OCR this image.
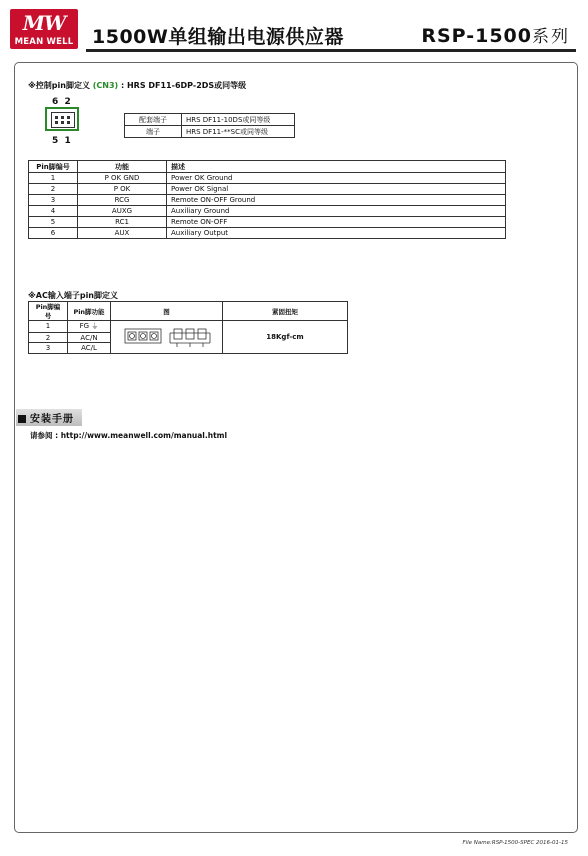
MW
MEAN WELL 1500W单组输出电源供应器	RSP-1500系列
※控制pin脚定义 (CN3) : HRS DF11-6DP-2DS或同等级
6  2
5  1
配套端子	HRS DF11-10DS或同等级
端子	HRS DF11-**SC或同等级
Pin脚编号	功能	描述
1	P OK GND	Power OK Ground
2	P OK	Power OK Signal
3	RCG	Remote ON-OFF Ground
4	AUXG	Auxiliary Ground
5	RC1	Remote ON-OFF
6	AUX	Auxiliary Output
※AC输入端子pin脚定义
Pin脚编号	Pin脚功能	图	紧固扭矩
1	FG ⏚		18Kgf-cm
2	AC/N		
3	AC/L		
安装手册
请参阅 : http://www.meanwell.com/manual.html
File Name:RSP-1500-SPEC 2016-01-15
